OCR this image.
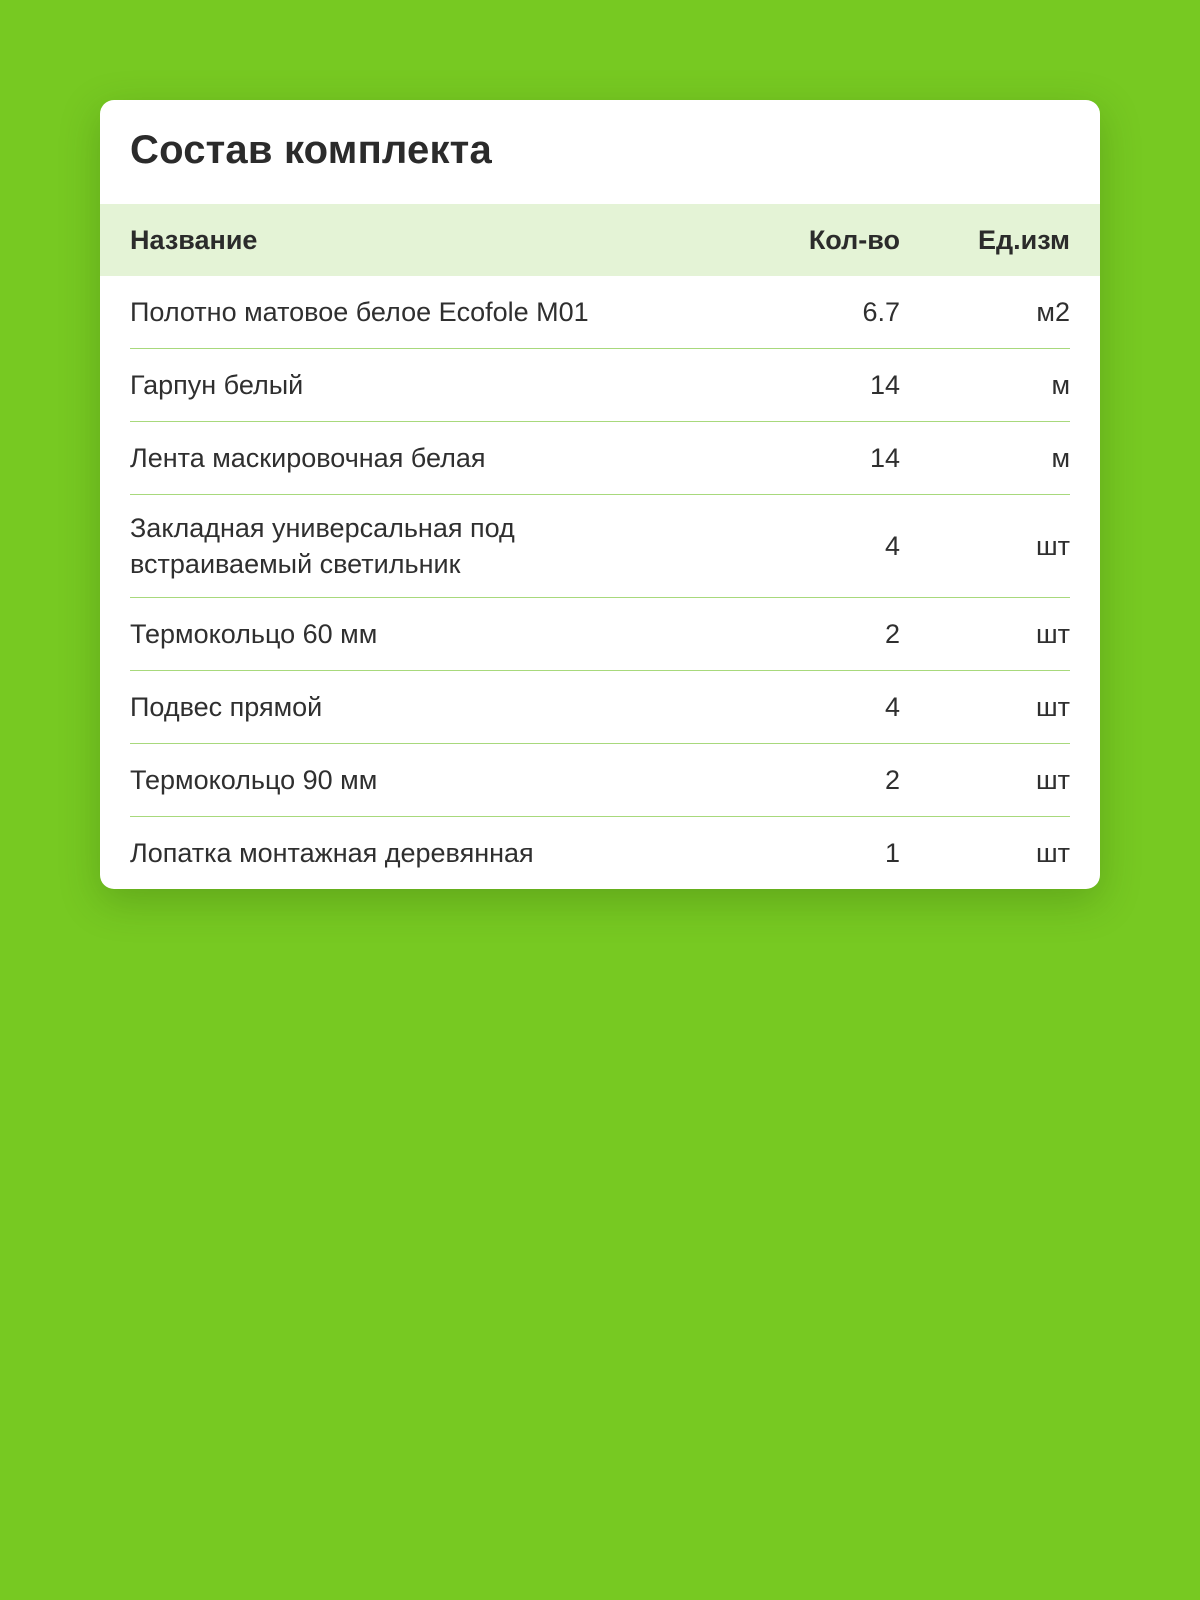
Состав комплекта
Название	Кол-во	Ед.изм
Полотно матовое белое Ecofole M01	6.7	м2

Гарпун белый	14	м

Лента маскировочная белая	14	м

Закладная универсальная под встраиваемый светильник	4	шт

Термокольцо 60 мм	2	шт

Подвес прямой	4	шт

Термокольцо 90 мм	2	шт

Лопатка монтажная деревянная	1	шт
